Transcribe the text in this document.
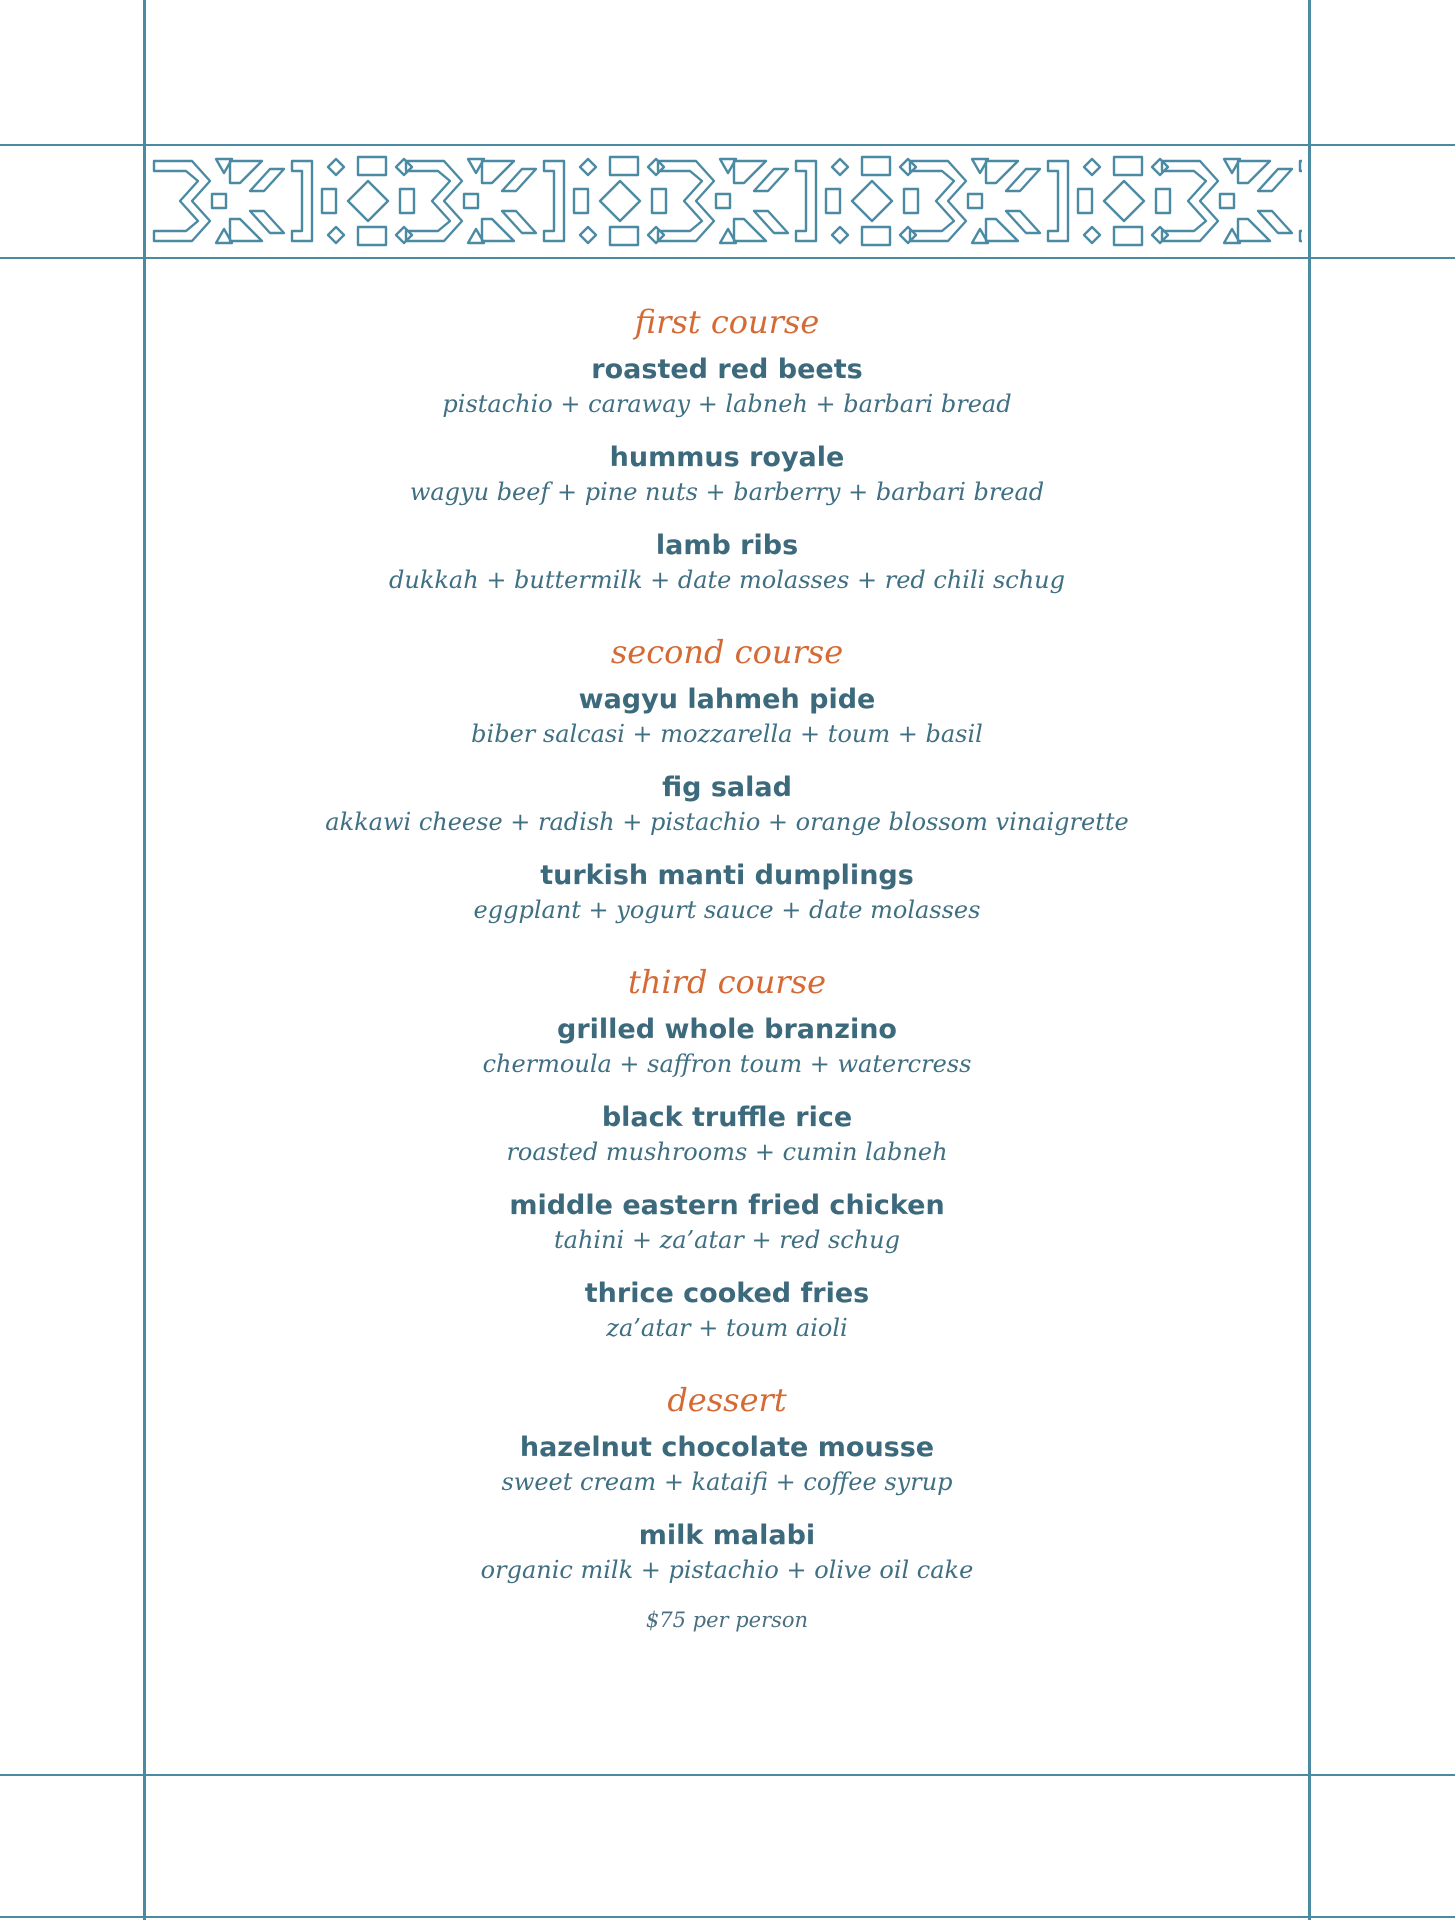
first course
roasted red beets
pistachio + caraway + labneh + barbari bread
hummus royale
wagyu beef + pine nuts + barberry + barbari bread
lamb ribs
dukkah + buttermilk + date molasses + red chili schug
second course
wagyu lahmeh pide
biber salcasi + mozzarella + toum + basil
fig salad
akkawi cheese + radish + pistachio + orange blossom vinaigrette
turkish manti dumplings
eggplant + yogurt sauce + date molasses
third course
grilled whole branzino
chermoula + saffron toum + watercress
black truffle rice
roasted mushrooms + cumin labneh
middle eastern fried chicken
tahini + za’atar + red schug
thrice cooked fries
za’atar + toum aioli
dessert
hazelnut chocolate mousse
sweet cream + kataifi + coffee syrup
milk malabi
organic milk + pistachio + olive oil cake
$75 per person
